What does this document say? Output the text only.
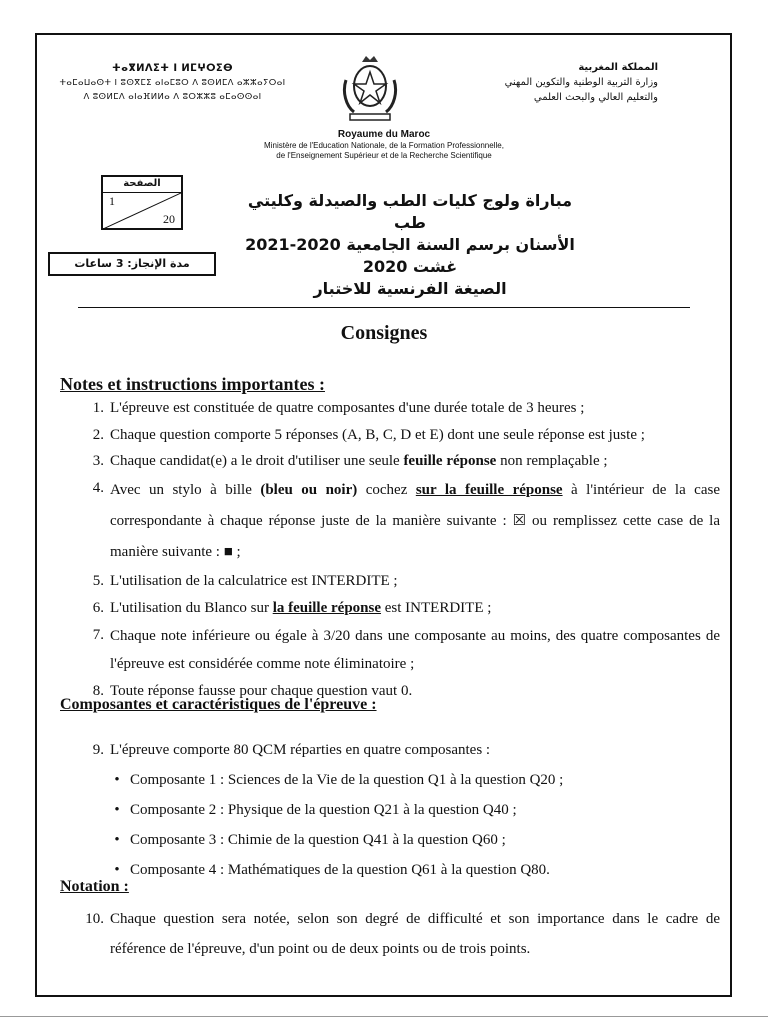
ⵜⴰⴳⵍⴷⵉⵜ ⵏ ⵍⵎⵖⵔⵉⴱ
ⵜⴰⵎⴰⵡⴰⵙⵜ ⵏ ⵓⵙⴳⵎⵉ ⴰⵏⴰⵎⵓⵔ ⴷ ⵓⵙⵍⵎⴷ ⴰⵣⵣⴰⵢⵔⴰⵏ
ⴷ ⵓⵙⵍⵎⴷ ⴰⵏⴰⴼⵍⵍⴰ ⴷ ⵓⵔⵣⵣⵓ ⴰⵎⴰⵙⵙⴰⵏ
المملكة المغربية
وزارة التربية الوطنية والتكوين المهني
والتعليم العالي والبحث العلمي
Royaume du Maroc
Ministère de l'Education Nationale, de la Formation Professionnelle,
de l'Enseignement Supérieur et de la Recherche Scientifique
الصفحة
1
20
مدة الإنجاز: 3 ساعات
مباراة ولوج كليات الطب والصيدلة وكليتي طب
الأسنان برسم السنة الجامعية 2020-2021
غشت 2020
الصيغة الفرنسية للاختبار
Consignes
Notes et instructions importantes :
1. L'épreuve est constituée de quatre composantes d'une durée totale de 3 heures ;
2. Chaque question comporte 5 réponses (A, B, C, D et E) dont une seule réponse est juste ;
3. Chaque candidat(e) a le droit d'utiliser une seule feuille réponse non remplaçable ;
4. Avec un stylo à bille (bleu ou noir) cochez sur la feuille réponse à l'intérieur de la case correspondante à chaque réponse juste de la manière suivante : ☒ ou remplissez cette case de la manière suivante : ■ ;
5. L'utilisation de la calculatrice est INTERDITE ;
6. L'utilisation du Blanco sur la feuille réponse est INTERDITE ;
7. Chaque note inférieure ou égale à 3/20 dans une composante au moins, des quatre composantes de l'épreuve est considérée comme note éliminatoire ;
8. Toute réponse fausse pour chaque question vaut 0.
Composantes et caractéristiques de l'épreuve :
9. L'épreuve comporte 80 QCM réparties en quatre composantes :
• Composante 1 : Sciences de la Vie de la question Q1 à la question Q20 ;
• Composante 2 : Physique de la question Q21 à la question Q40 ;
• Composante 3 : Chimie de la question Q41 à la question Q60 ;
• Composante 4 : Mathématiques de la question Q61 à la question Q80.
Notation :
10. Chaque question sera notée, selon son degré de difficulté et son importance dans le cadre de référence de l'épreuve, d'un point ou de deux points ou de trois points.
